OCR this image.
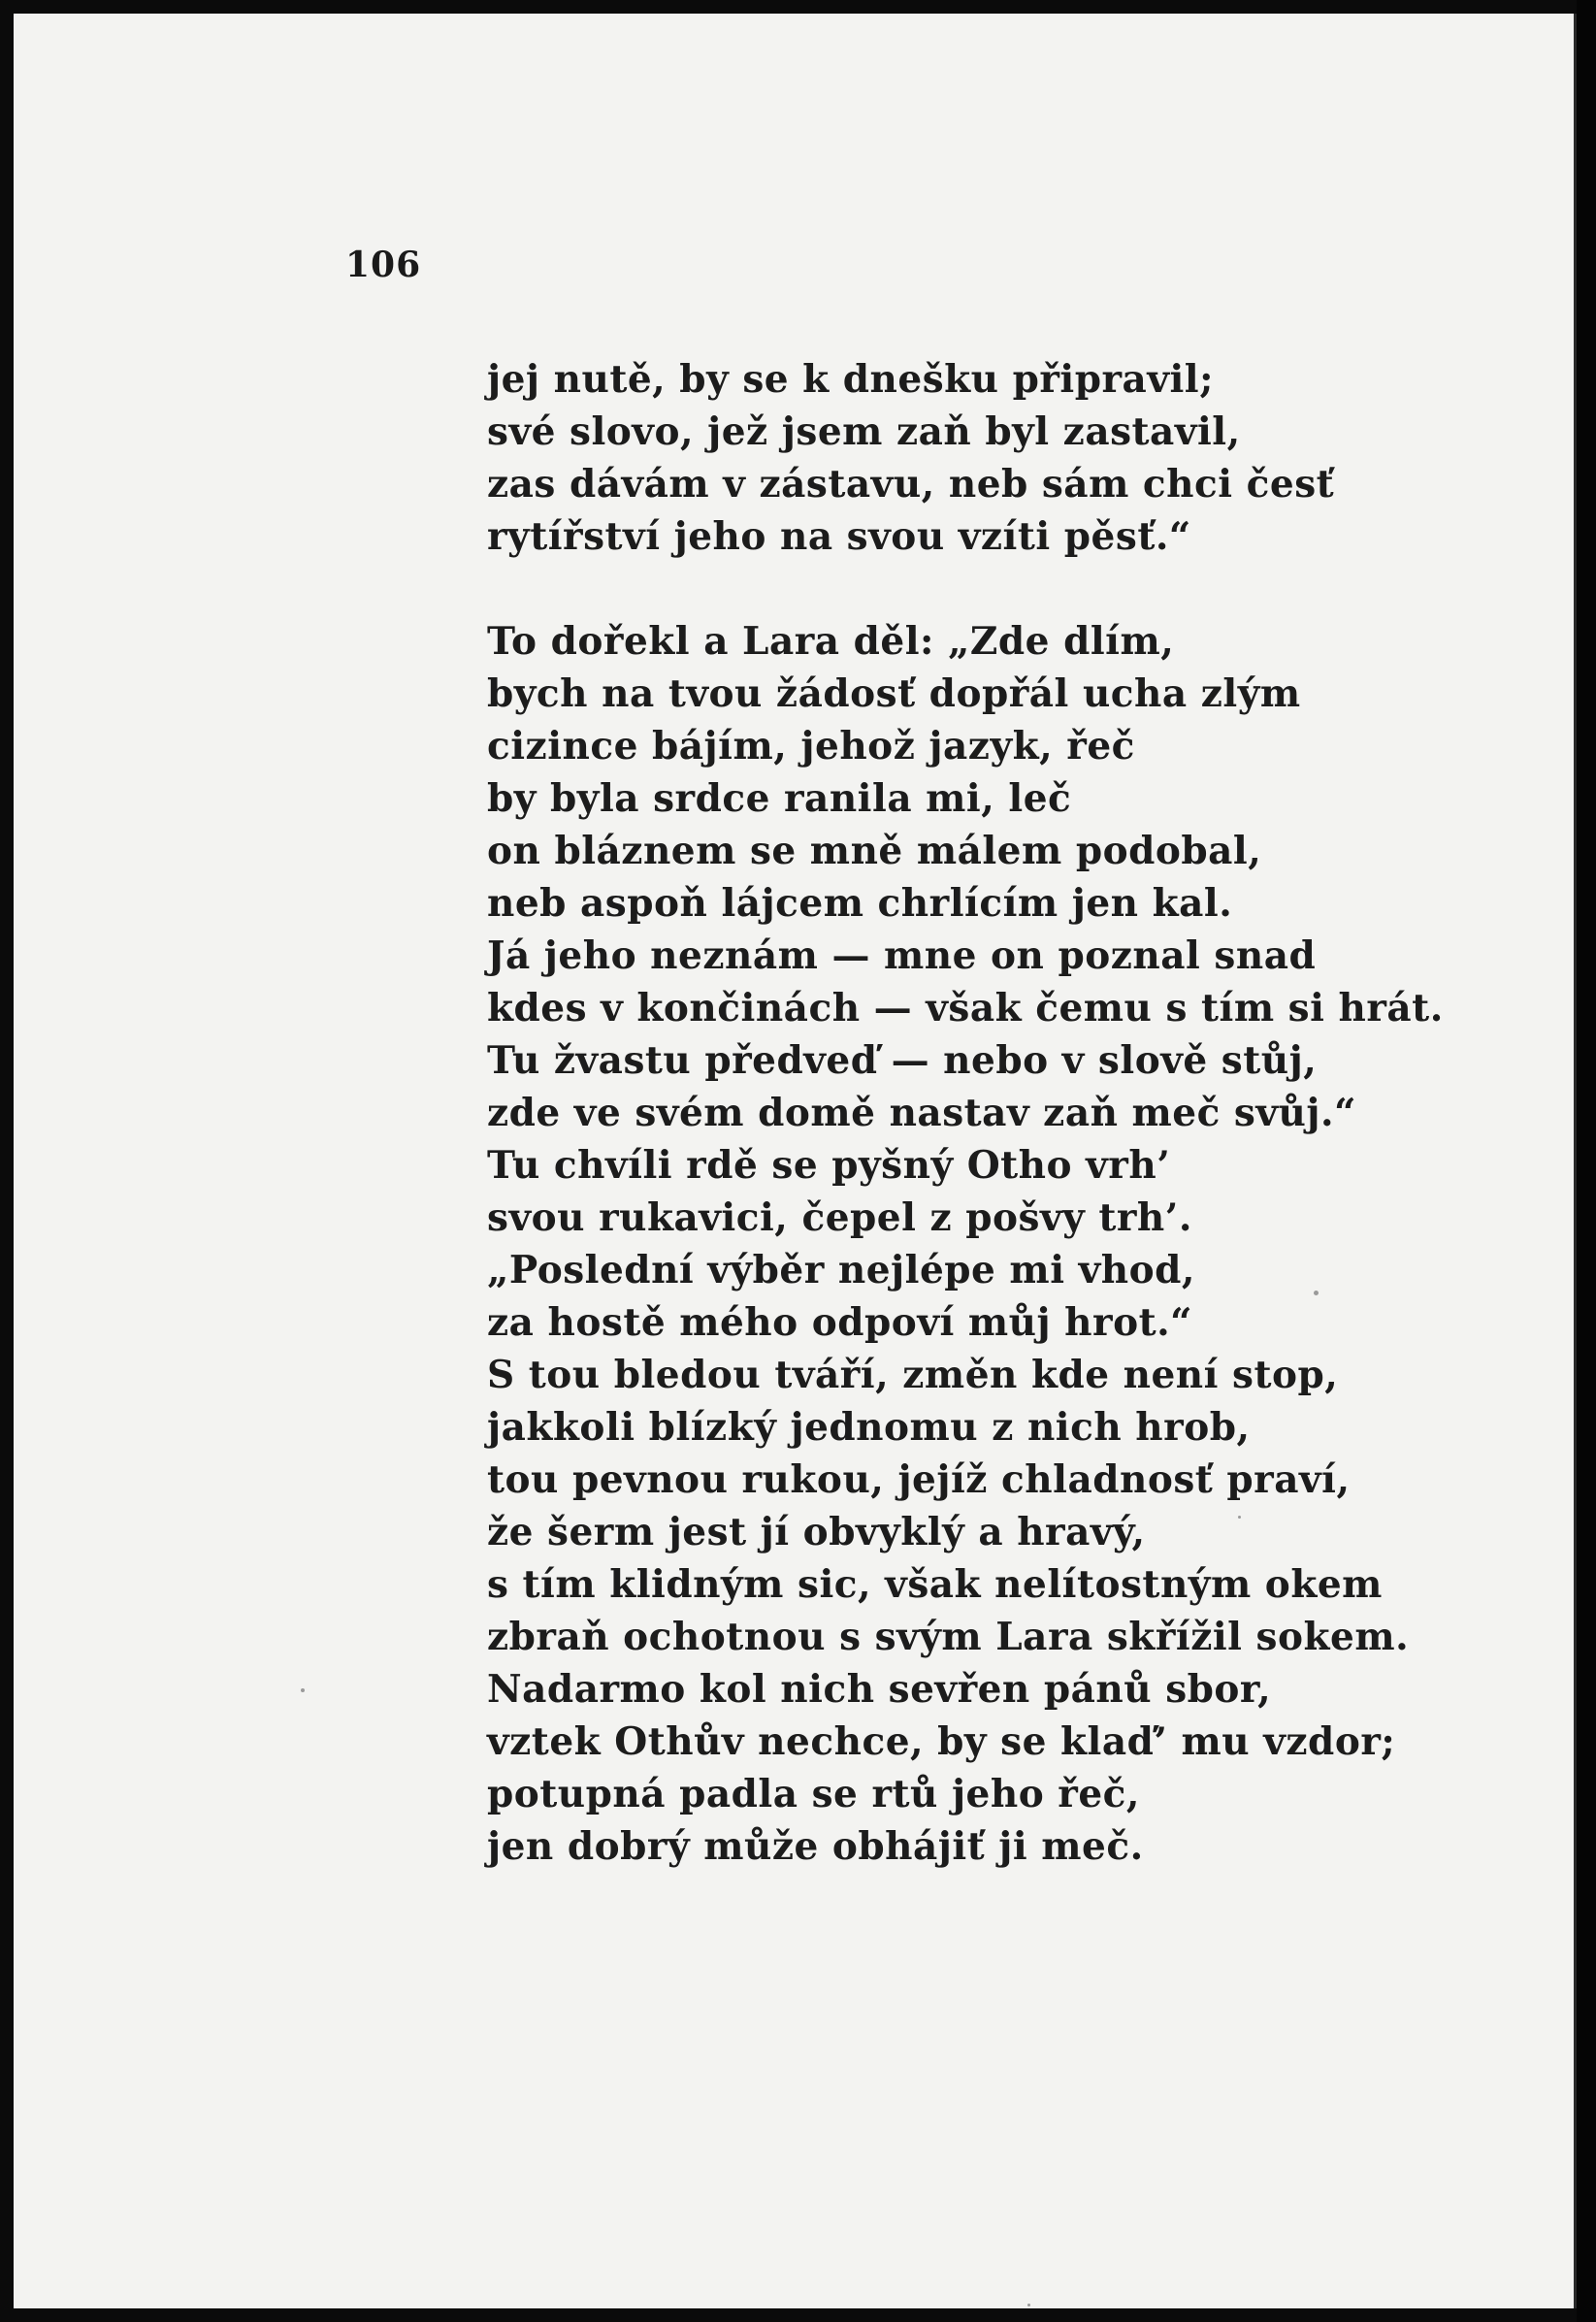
106
jej nutě, by se k dnešku připravil;
své slovo, jež jsem zaň byl zastavil,
zas dávám v zástavu, neb sám chci česť
rytířství jeho na svou vzíti pěsť.“
To dořekl a Lara děl: „Zde dlím,
bych na tvou žádosť dopřál ucha zlým
cizince bájím, jehož jazyk, řeč
by byla srdce ranila mi, leč
on bláznem se mně málem podobal,
neb aspoň lájcem chrlícím jen kal.
Já jeho neznám — mne on poznal snad
kdes v končinách — však čemu s tím si hrát.
Tu žvastu předveď — nebo v slově stůj,
zde ve svém domě nastav zaň meč svůj.“
Tu chvíli rdě se pyšný Otho vrh’
svou rukavici, čepel z pošvy trh’.
„Poslední výběr nejlépe mi vhod,
za hostě mého odpoví můj hrot.“
S tou bledou tváří, změn kde není stop,
jakkoli blízký jednomu z nich hrob,
tou pevnou rukou, jejíž chladnosť praví,
že šerm jest jí obvyklý a hravý,
s tím klidným sic, však nelítostným okem
zbraň ochotnou s svým Lara skřížil sokem.
Nadarmo kol nich sevřen pánů sbor,
vztek Othův nechce, by se klaď’ mu vzdor;
potupná padla se rtů jeho řeč,
jen dobrý může obhájiť ji meč.
